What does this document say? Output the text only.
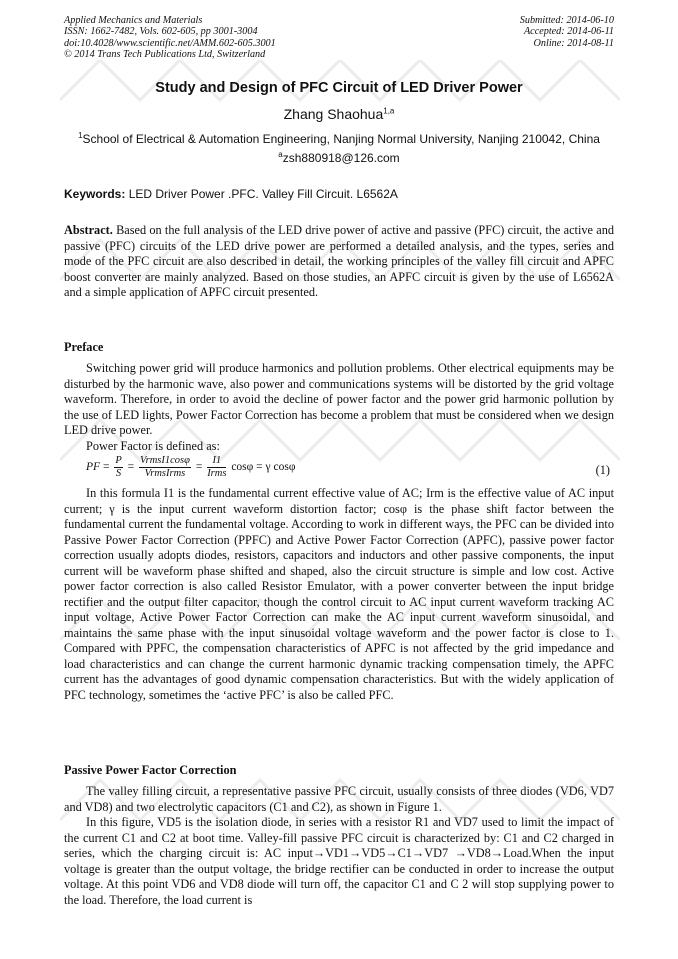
Applied Mechanics and Materials
ISSN: 1662-7482, Vols. 602-605, pp 3001-3004
doi:10.4028/www.scientific.net/AMM.602-605.3001
© 2014 Trans Tech Publications Ltd, Switzerland
Submitted: 2014-06-10
Accepted: 2014-06-11
Online: 2014-08-11
Study and Design of PFC Circuit of LED Driver Power
Zhang Shaohua$^{1,a}$
$^1$School of Electrical & Automation Engineering, Nanjing Normal University, Nanjing 210042, China
$^a$zsh880918@126.com
Keywords: LED Driver Power .PFC. Valley Fill Circuit. L6562A

Abstract. Based on the full analysis of the LED drive power of active and passive (PFC) circuit, the active and passive (PFC) circuits of the LED drive power are performed a detailed analysis, and the types, series and mode of the PFC circuit are also described in detail, the working principles of the valley fill circuit and APFC boost converter are mainly analyzed. Based on those studies, an APFC circuit is given by the use of L6562A and a simple application of APFC circuit presented.

Preface

Switching power grid will produce harmonics and pollution problems. Other electrical equipments may be disturbed by the harmonic wave, also power and communications systems will be distorted by the grid voltage waveform. Therefore, in order to avoid the decline of power factor and the power grid harmonic pollution by the use of LED lights, Power Factor Correction has become a problem that must be considered when we design LED drive power.

Power Factor is defined as:

PF = $\frac{P}{S} = \frac{\text{VrmsI1cosφ}}{\text{VrmsIrms}} = \frac{I1}{\text{Irms}}$ cosφ = γ cosφ	(1)

In this formula I1 is the fundamental current effective value of AC; Irm is the effective value of AC input current; γ is the input current waveform distortion factor; cosφ is the phase shift factor between the fundamental current the fundamental voltage. According to work in different ways, the PFC can be divided into Passive Power Factor Correction (PPFC) and Active Power Factor Correction (APFC), passive power factor correction usually adopts diodes, resistors, capacitors and inductors and other passive components, the input current will be waveform phase shifted and shaped, also the circuit structure is simple and low cost. Active power factor correction is also called Resistor Emulator, with a power converter between the input bridge rectifier and the output filter capacitor, though the control circuit to AC input current waveform tracking AC input voltage, Active Power Factor Correction can make the AC input current waveform sinusoidal, and maintains the same phase with the input sinusoidal voltage waveform and the power factor is close to 1. Compared with PPFC, the compensation characteristics of APFC is not affected by the grid impedance and load characteristics and can change the current harmonic dynamic tracking compensation timely, the APFC current has the advantages of good dynamic compensation characteristics. But with the widely application of PFC technology, sometimes the ‘active PFC’ is also be called PFC.

Passive Power Factor Correction

The valley filling circuit, a representative passive PFC circuit, usually consists of three diodes (VD6, VD7 and VD8) and two electrolytic capacitors (C1 and C2), as shown in Figure 1.

In this figure, VD5 is the isolation diode, in series with a resistor R1 and VD7 used to limit the impact of the current C1 and C2 at boot time. Valley-fill passive PFC circuit is characterized by: C1 and C2 charged in series, which the charging circuit is: AC input→VD1→VD5→C1→VD7 →VD8→Load.When the input voltage is greater than the output voltage, the bridge rectifier can be conducted in order to increase the output voltage. At this point VD6 and VD8 diode will turn off, the capacitor C1 and C 2 will stop supplying power to the load. Therefore, the load current is
